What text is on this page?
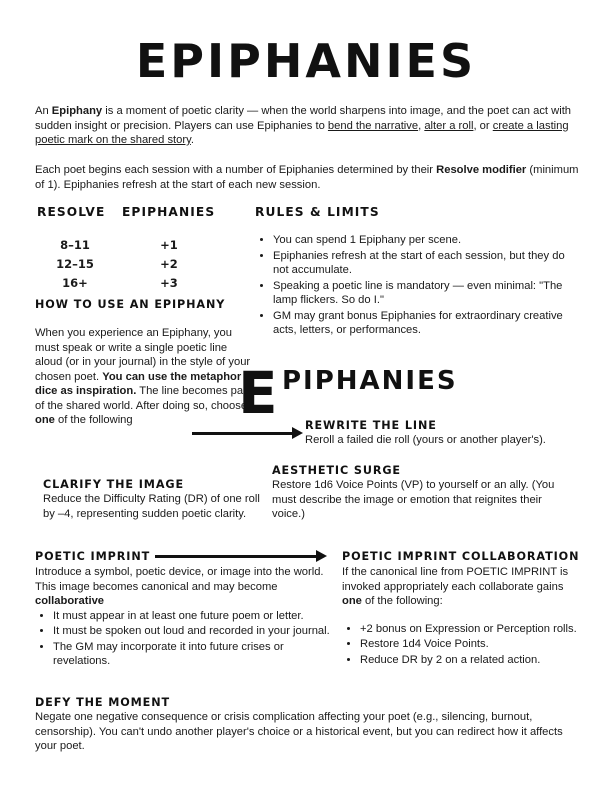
EPIPHANIES
An Epiphany is a moment of poetic clarity — when the world sharpens into image, and the poet can act with sudden insight or precision. Players can use Epiphanies to bend the narrative, alter a roll, or create a lasting poetic mark on the shared story.
Each poet begins each session with a number of Epiphanies determined by their Resolve modifier (minimum of 1). Epiphanies refresh at the start of each new session.
RESOLVE EPIPHANIES
8–11	+1
12–15	+2
16+	+3
RULES & LIMITS
• You can spend 1 Epiphany per scene.
• Epiphanies refresh at the start of each session, but they do not accumulate.
• Speaking a poetic line is mandatory — even minimal: "The lamp flickers. So do I."
• GM may grant bonus Epiphanies for extraordinary creative acts, letters, or performances.
HOW TO USE AN EPIPHANY
When you experience an Epiphany, you must speak or write a single poetic line aloud (or in your journal) in the style of your chosen poet. You can use the metaphor dice as inspiration. The line becomes part of the shared world. After doing so, choose one of the following	E PIPHANIES
REWRITE THE LINE
Reroll a failed die roll (yours or another player's).
CLARIFY THE IMAGE
Reduce the Difficulty Rating (DR) of one roll by –4, representing sudden poetic clarity.
AESTHETIC SURGE
Restore 1d6 Voice Points (VP) to yourself or an ally. (You must describe the image or emotion that reignites their voice.)
POETIC IMPRINT
Introduce a symbol, poetic device, or image into the world. This image becomes canonical and may become collaborative
• It must appear in at least one future poem or letter.
• It must be spoken out loud and recorded in your journal.
• The GM may incorporate it into future crises or revelations.
POETIC IMPRINT COLLABORATION
If the canonical line from POETIC IMPRINT is invoked appropriately each collaborate gains one of the following:
• +2 bonus on Expression or Perception rolls.
• Restore 1d4 Voice Points.
• Reduce DR by 2 on a related action.
DEFY THE MOMENT
Negate one negative consequence or crisis complication affecting your poet (e.g., silencing, burnout, censorship). You can't undo another player's choice or a historical event, but you can redirect how it affects your poet.
